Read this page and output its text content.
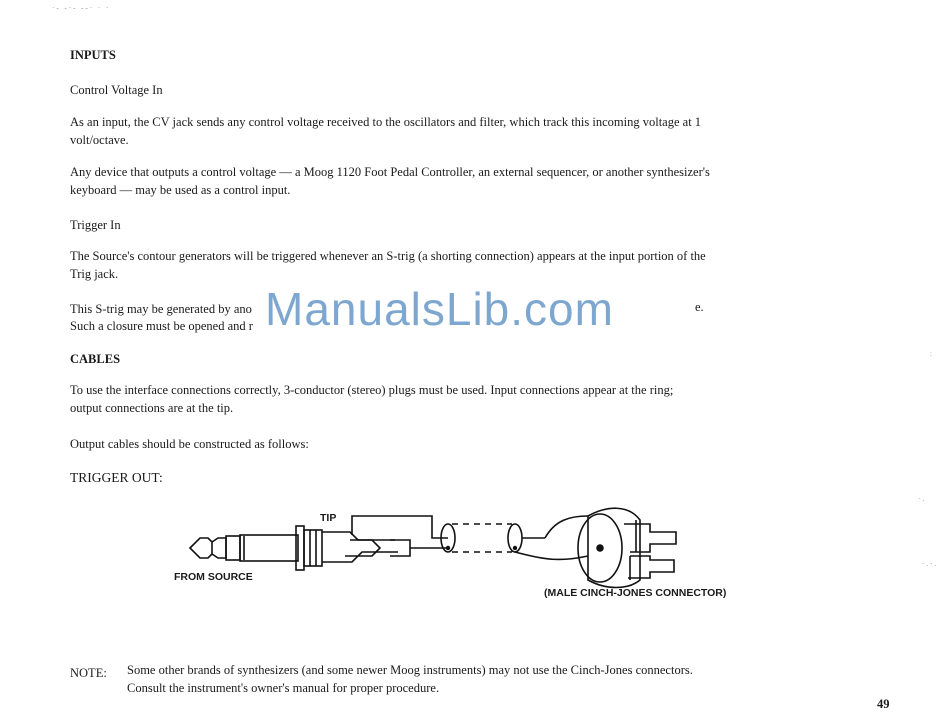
·- -·- --· · ·
INPUTS
Control Voltage In
As an input, the CV jack sends any control voltage received to the oscillators and filter, which track this incoming voltage at 1 volt/octave.
Any device that outputs a control voltage — a Moog 1120 Foot Pedal Controller, an external sequencer, or another synthesizer's keyboard — may be used as a control input.
Trigger In
The Source's contour generators will be triggered whenever an S-trig (a shorting connection) appears at the input portion of the Trig jack.
This S-trig may be generated by ano	e.
Such a closure must be opened and r ManualsLib.com
CABLES
To use the interface connections correctly, 3-conductor (stereo) plugs must be used. Input connections appear at the ring; output connections are at the tip.
Output cables should be constructed as follows:
TRIGGER OUT:
TIP
FROM SOURCE
(MALE CINCH-JONES CONNECTOR)
NOTE: Some other brands of synthesizers (and some newer Moog instruments) may not use the Cinch-Jones connectors. Consult the instrument's owner's manual for proper procedure.
49
:
·.
·.·.
